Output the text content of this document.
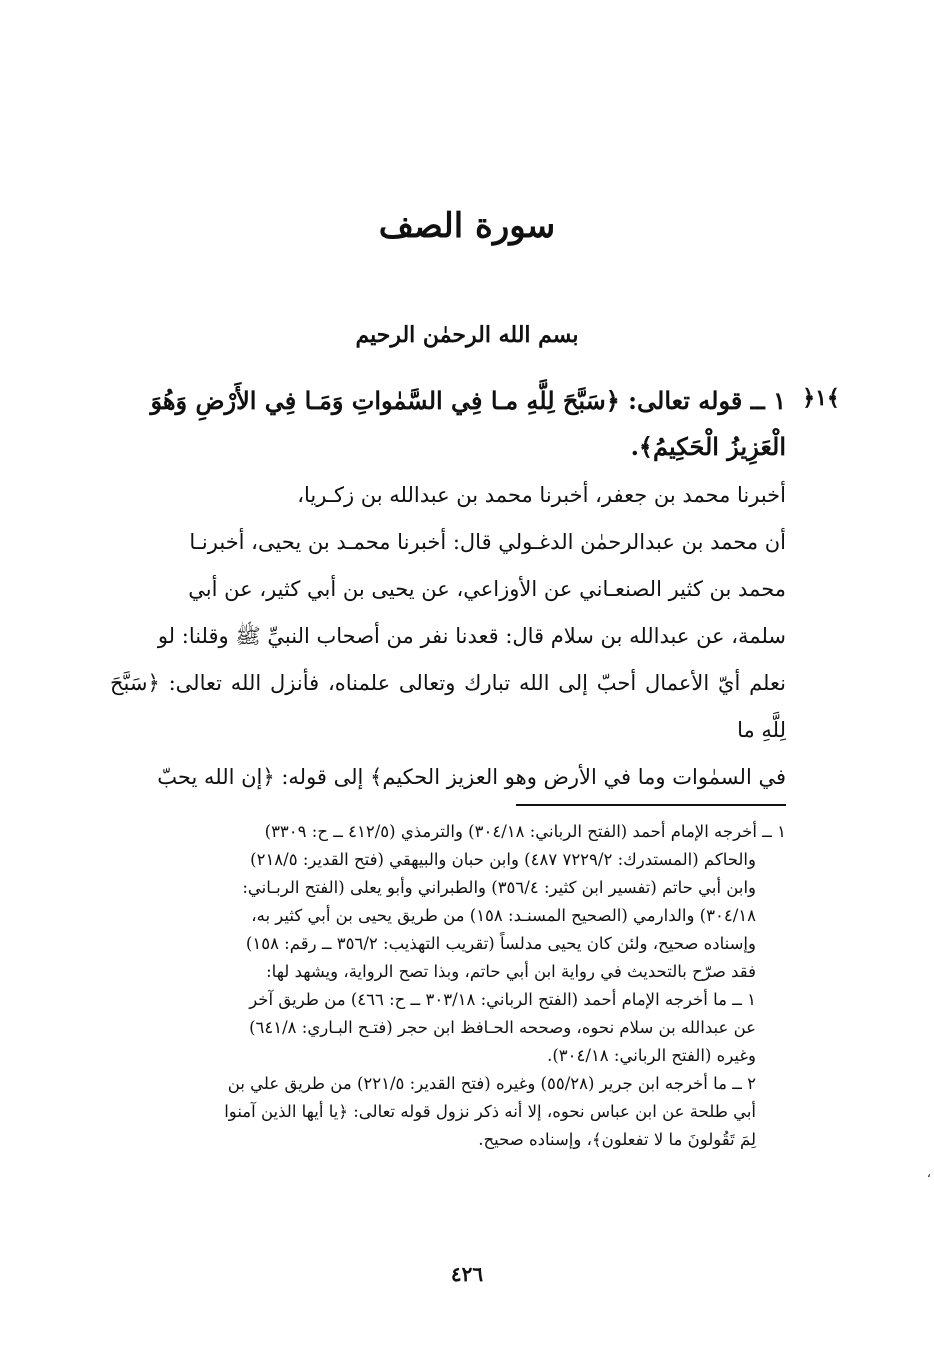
سورة الصف
بسم الله الرحمٰن الرحيم
﴿١﴾
١ ــ قوله تعالى: ﴿سَبَّحَ لِلَّهِ مـا فِي السَّمٰواتِ وَمَـا فِي الأَرْضِ وَهُوَ
الْعَزِيزُ الْحَكِيمُ﴾.
أخبرنا محمد بن جعفر، أخبرنا محمد بن عبدالله بن زكـريا،
أن محمد بن عبدالرحمٰن الدغـولي قال: أخبرنا محمـد بن يحيى، أخبرنـا
محمد بن كثير الصنعـاني عن الأوزاعي، عن يحيى بن أبي كثير، عن أبي
سلمة، عن عبدالله بن سلام قال: قعدنا نفر من أصحاب النبيِّ ﷺ وقلنا: لو
نعلم أيّ الأعمال أحبّ إلى الله تبارك وتعالى علمناه، فأنزل الله تعالى: ﴿سَبَّحَ لِلَّهِ ما
في السمٰوات وما في الأرض وهو العزيز الحكيم﴾ إلى قوله: ﴿إن الله يحبّ
١ ــ أخرجه الإمام أحمد (الفتح الرباني: ٣٠٤/١٨) والترمذي (٤١٢/٥ ــ ح: ٣٣٠٩)
والحاكم (المستدرك: ٧٢٢٩/٢ ٤٨٧) وابن حبان والبيهقي (فتح القدير: ٢١٨/٥)
وابن أبي حاتم (تفسير ابن كثير: ٣٥٦/٤) والطبراني وأبو يعلى (الفتح الربـاني:
٣٠٤/١٨) والدارمي (الصحيح المسنـد: ١٥٨) من طريق يحيى بن أبي كثير به،
وإسناده صحيح، ولئن كان يحيى مدلساً (تقريب التهذيب: ٣٥٦/٢ ــ رقم: ١٥٨)
فقد صرّح بالتحديث في رواية ابن أبي حاتم، وبذا تصح الرواية، ويشهد لها:
١ ــ ما أخرجه الإمام أحمد (الفتح الرباني: ٣٠٣/١٨ ــ ح: ٤٦٦) من طريق آخر
عن عبدالله بن سلام نحوه، وصححه الحـافظ ابن حجر (فتـح البـاري: ٦٤١/٨)
وغيره (الفتح الرباني: ٣٠٤/١٨).
٢ ــ ما أخرجه ابن جرير (٥٥/٢٨) وغيره (فتح القدير: ٢٢١/٥) من طريق علي بن
أبي طلحة عن ابن عباس نحوه، إلا أنه ذكر نزول قوله تعالى: ﴿يا أيها الذين آمنوا
لِمَ تَقُولونَ ما لا تفعلون﴾، وإسناده صحيح.
٤٢٦
،
